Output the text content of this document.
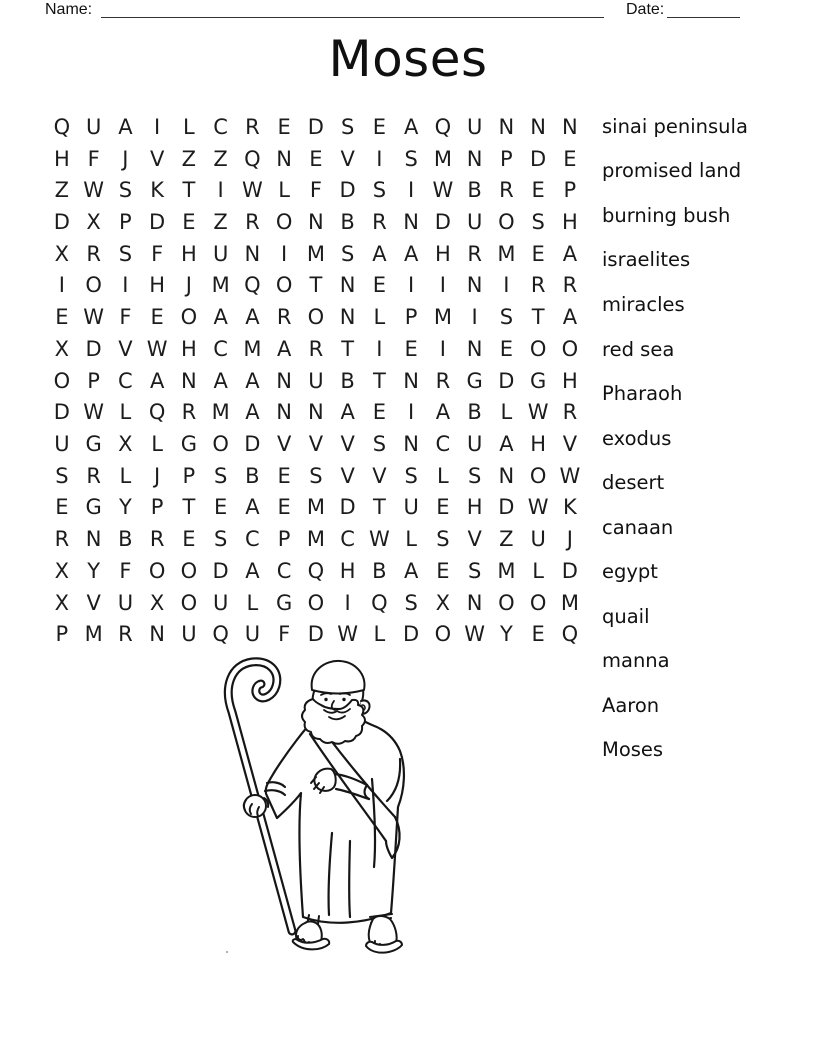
Name:	Date:
Moses
Q U A	I	L C R E D S E A Q U N N N
H F	J	V Z Z Q N E V	I	S M N P D E
Z W S K T	I W L F D S	I W B R E P
D X P D E Z R O N B R N D U O S H
X R S F H U N I M S A A H R M E A
I O I H J M Q O T N E	I	I N I	R R
E W F E O A A R O N L P M I	S T A
X D V W H C M A R T	I	E	I N E O O
O P C A N A A N U B T N R G D G H
D W L Q R M A N N A E	I	A B L W R
U G X L G O D V V V S N C U A H V
S R L	J	P S B E S V V S L S N O W
E G Y P T E A E M D T U E H D W K
R N B R E S C P M C W L S V Z U J
X Y F O O D A C Q H B A E S M L D
X V U X O U L G O I Q S X N O O M
P M R N U Q U F D W L D O W Y E Q
sinai peninsula
promised land
burning bush
israelites
miracles
red sea
Pharaoh
exodus
desert
canaan
egypt
quail
manna
Aaron
Moses
